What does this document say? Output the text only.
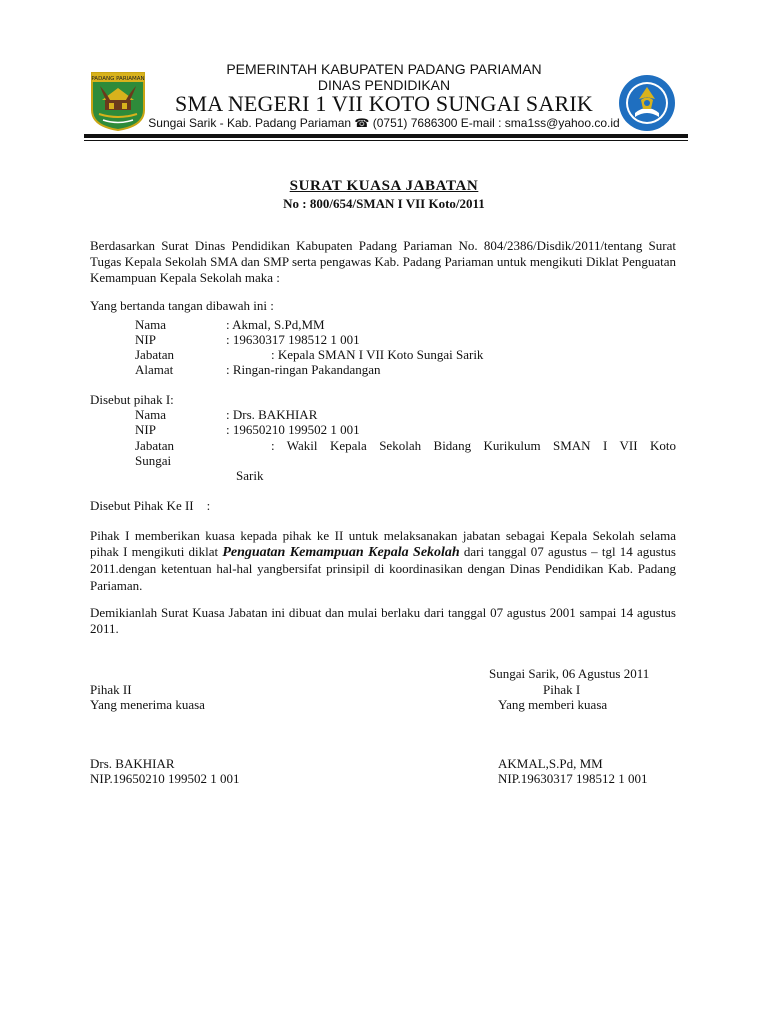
PADANG PARIAMAN
PEMERINTAH KABUPATEN PADANG PARIAMAN
DINAS PENDIDIKAN
SMA NEGERI 1 VII KOTO SUNGAI SARIK
Sungai Sarik - Kab. Padang Pariaman ☎ (0751) 7686300 E-mail : sma1ss@yahoo.co.id
SURAT KUASA JABATAN
No : 800/654/SMAN I VII Koto/2011
Berdasarkan Surat Dinas Pendidikan Kabupaten Padang Pariaman No. 804/2386/Disdik/2011/tentang Surat Tugas Kepala Sekolah SMA dan SMP serta pengawas Kab. Padang Pariaman untuk mengikuti Diklat Penguatan Kemampuan Kepala Sekolah maka :
Yang bertanda tangan dibawah ini :
Nama	: Akmal, S.Pd,MM
NIP	: 19630317 198512 1 001
Jabatan	: Kepala SMAN I VII Koto Sungai Sarik
Alamat	: Ringan-ringan Pakandangan
Disebut pihak I:
Nama	: Drs. BAKHIAR
NIP	: 19650210 199502 1 001
Jabatan	: Wakil Kepala Sekolah Bidang Kurikulum SMAN I VII Koto
Sungai
Sarik
Disebut Pihak Ke II    :
Pihak I memberikan kuasa kepada pihak ke II untuk melaksanakan jabatan sebagai Kepala Sekolah selama pihak I mengikuti diklat Penguatan Kemampuan Kepala Sekolah dari tanggal 07 agustus – tgl 14 agustus 2011.dengan ketentuan hal-hal yangbersifat prinsipil di koordinasikan dengan Dinas Pendidikan Kab. Padang Pariaman.
Demikianlah Surat Kuasa Jabatan ini dibuat dan mulai berlaku dari tanggal 07 agustus 2001 sampai 14 agustus 2011.
Sungai Sarik, 06 Agustus 2011
Pihak II	Pihak I
Yang menerima kuasa	Yang memberi kuasa
Drs. BAKHIAR	AKMAL,S.Pd, MM
NIP.19650210 199502 1 001	NIP.19630317 198512 1 001
